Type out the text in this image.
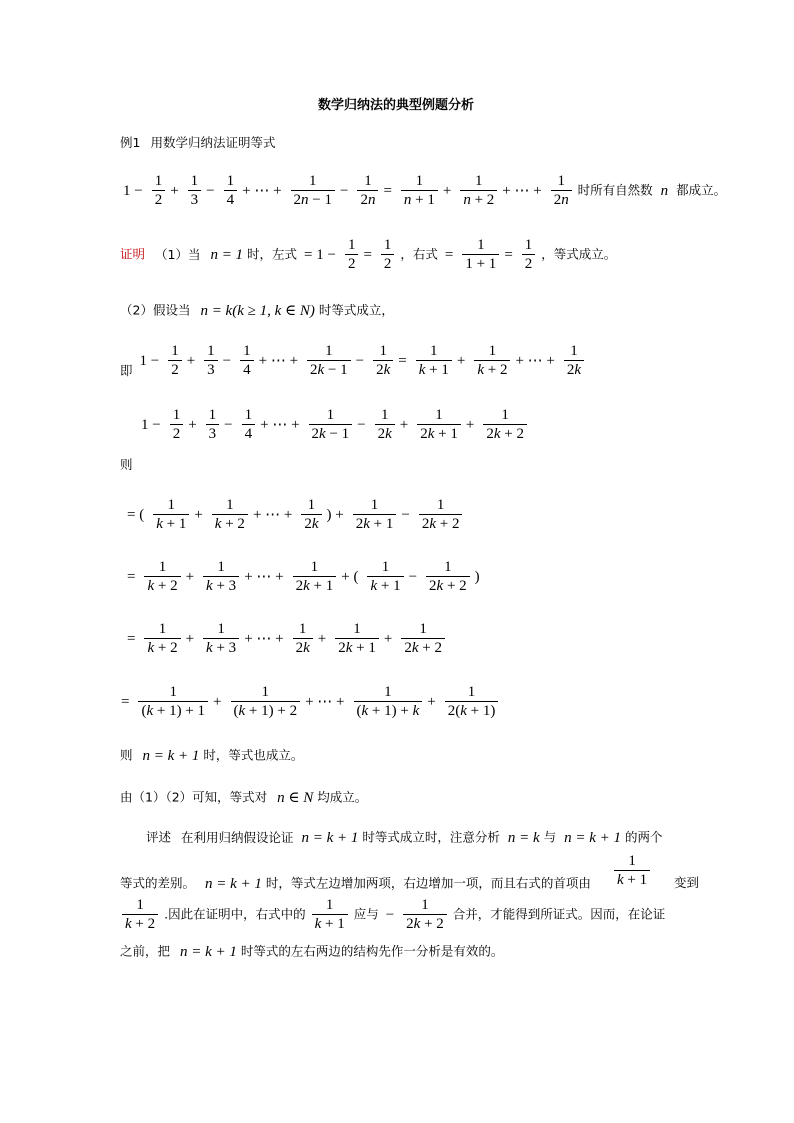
数学归纳法的典型例题分析
例1 用数学归纳法证明等式
$1 - \frac{1}{2} + \frac{1}{3} - \frac{1}{4}$ + ⋯ + $\frac{1}{2n - 1} - \frac{1}{2n} = \frac{1}{n + 1} + \frac{1}{n + 2}$ + ⋯ + $\frac{1}{2n}$ 时所有自然数 n 都成立。
证明 （1）当 n = 1 时，左式 = $1 - \frac{1}{2} = \frac{1}{2}$ ，右式 = $\frac{1}{1 + 1} = \frac{1}{2}$ ，等式成立。
（2）假设当 n = k(k ≥ 1, k ∈ N) 时等式成立，
即 $1 - \frac{1}{2} + \frac{1}{3} - \frac{1}{4}$ + ⋯ + $\frac{1}{2k - 1} - \frac{1}{2k} = \frac{1}{k + 1} + \frac{1}{k + 2}$ + ⋯ + $\frac{1}{2k}$
$1 - \frac{1}{2} + \frac{1}{3} - \frac{1}{4}$ + ⋯ + $\frac{1}{2k - 1} - \frac{1}{2k} + \frac{1}{2k + 1} + \frac{1}{2k + 2}$
则
= ( $\frac{1}{k + 1} + \frac{1}{k + 2}$ + ⋯ + $\frac{1}{2k}$ ) + $\frac{1}{2k + 1} - \frac{1}{2k + 2}$
= $\frac{1}{k + 2} + \frac{1}{k + 3}$ + ⋯ + $\frac{1}{2k + 1}$ + ( $\frac{1}{k + 1} - \frac{1}{2k + 2}$ )
= $\frac{1}{k + 2} + \frac{1}{k + 3}$ + ⋯ + $\frac{1}{2k} + \frac{1}{2k + 1} + \frac{1}{2k + 2}$
= $\frac{1}{(k + 1) + 1} + \frac{1}{(k + 1) + 2}$ + ⋯ + $\frac{1}{(k + 1) + k} + \frac{1}{2(k + 1)}$
则 n = k + 1 时，等式也成立。
由（1）（2）可知，等式对 n ∈ N 均成立。
评述 在利用归纳假设论证 n = k + 1 时等式成立时，注意分析 n = k 与 n = k + 1 的两个
等式的差别。 n = k + 1 时，等式左边增加两项，右边增加一项，而且右式的首项由 $\frac{1}{k + 1}$ 变到
$\frac{1}{k + 2}$ .因此在证明中，右式中的 $\frac{1}{k + 1}$ 应与 − $\frac{1}{2k + 2}$ 合并，才能得到所证式。因而，在论证
之前，把 n = k + 1 时等式的左右两边的结构先作一分析是有效的。
